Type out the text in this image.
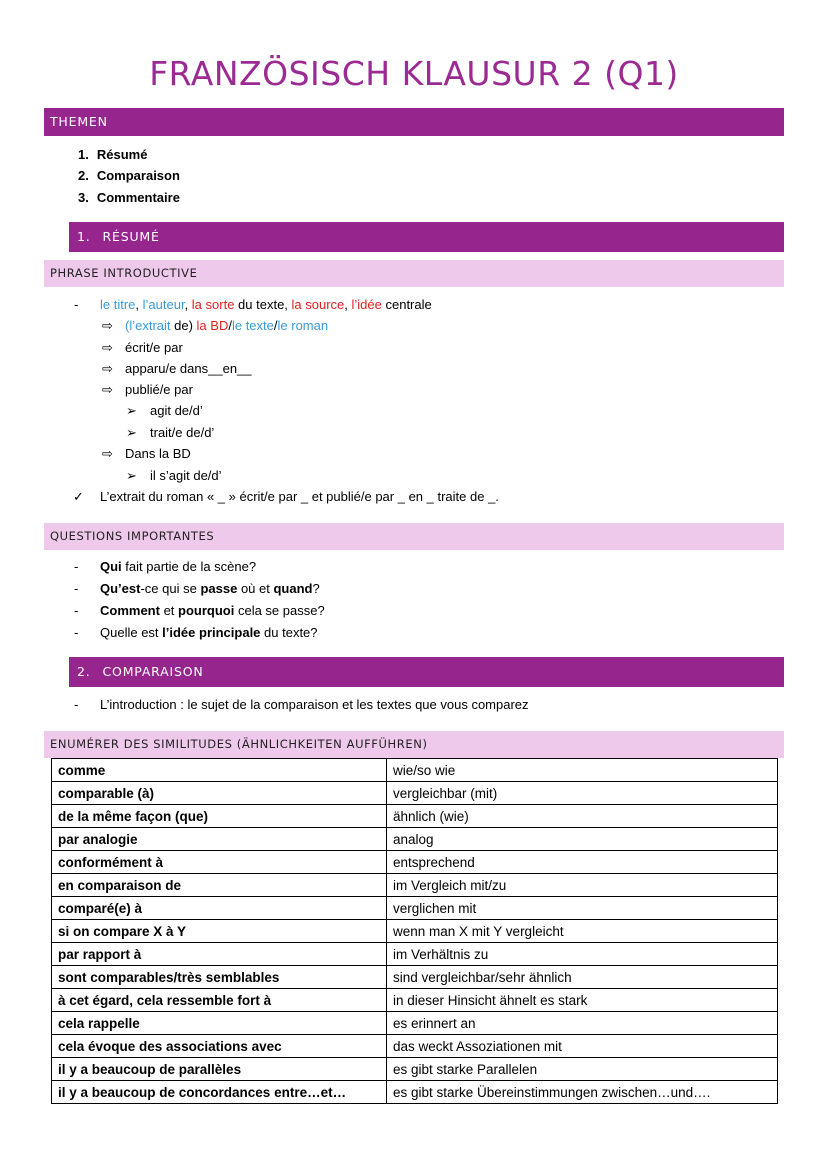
FRANZÖSISCH KLAUSUR 2 (Q1)
THEMEN
1. Résumé
2. Comparaison
3. Commentaire
1. RÉSUMÉ
PHRASE INTRODUCTIVE
- le titre, l’auteur, la sorte du texte, la source, l’idée centrale
⇨ (l’extrait de) la BD/le texte/le roman
⇨ écrit/e par
⇨ apparu/e dans__en__
⇨ publié/e par
➢ agit de/d’
➢ trait/e de/d’
⇨ Dans la BD
➢ il s’agit de/d’
✓ L’extrait du roman « _ » écrit/e par _ et publié/e par _ en _ traite de _.
QUESTIONS IMPORTANTES
- Qui fait partie de la scène?
- Qu’est-ce qui se passe où et quand?
- Comment et pourquoi cela se passe?
- Quelle est l’idée principale du texte?
2. COMPARAISON
- L’introduction : le sujet de la comparaison et les textes que vous comparez
ENUMÉRER DES SIMILITUDES (ÄHNLICHKEITEN AUFFÜHREN)
comme	wie/so wie
comparable (à)	vergleichbar (mit)
de la même façon (que)	ähnlich (wie)
par analogie	analog
conformément à	entsprechend
en comparaison de	im Vergleich mit/zu
comparé(e) à	verglichen mit
si on compare X à Y	wenn man X mit Y vergleicht
par rapport à	im Verhältnis zu
sont comparables/très semblables	sind vergleichbar/sehr ähnlich
à cet égard, cela ressemble fort à	in dieser Hinsicht ähnelt es stark
cela rappelle	es erinnert an
cela évoque des associations avec	das weckt Assoziationen mit
il y a beaucoup de parallèles	es gibt starke Parallelen
il y a beaucoup de concordances entre…et…	es gibt starke Übereinstimmungen zwischen…und….
